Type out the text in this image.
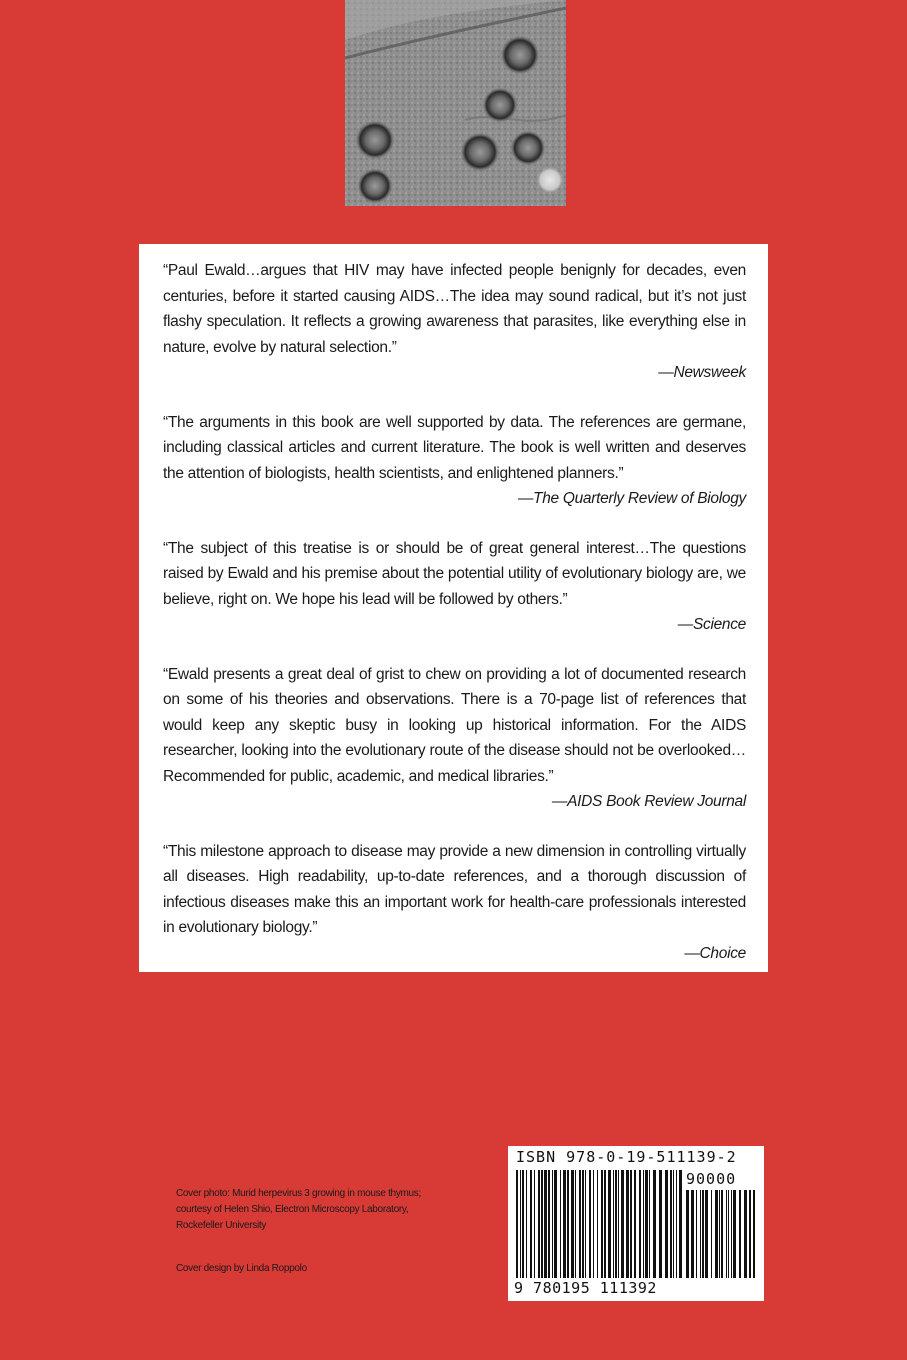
“Paul Ewald…argues that HIV may have infected people benignly for decades, even centuries, before it started causing AIDS…The idea may sound radical, but it’s not just flashy speculation. It reflects a growing awareness that parasites, like everything else in nature, evolve by natural selection.”
—Newsweek
“The arguments in this book are well supported by data. The references are germane, including classical articles and current literature. The book is well written and deserves the attention of biologists, health scientists, and enlightened planners.”
—The Quarterly Review of Biology
“The subject of this treatise is or should be of great general interest…The questions raised by Ewald and his premise about the potential utility of evolutionary biology are, we believe, right on. We hope his lead will be followed by others.”
—Science
“Ewald presents a great deal of grist to chew on providing a lot of documented research on some of his theories and observations. There is a 70-page list of references that would keep any skeptic busy in looking up historical information. For the AIDS researcher, looking into the evolutionary route of the disease should not be overlooked…Recommended for public, academic, and medical libraries.”
—AIDS Book Review Journal
“This milestone approach to disease may provide a new dimension in controlling virtually all diseases. High readability, up-to-date references, and a thorough discussion of infectious diseases make this an important work for health-care professionals interested in evolutionary biology.”
—Choice
Cover photo: Murid herpevirus 3 growing in mouse thymus;
courtesy of Helen Shio, Electron Microscopy Laboratory,
Rockefeller University
Cover design by Linda Roppolo
ISBN 978-0-19-511139-2
90000
9 780195 111392
